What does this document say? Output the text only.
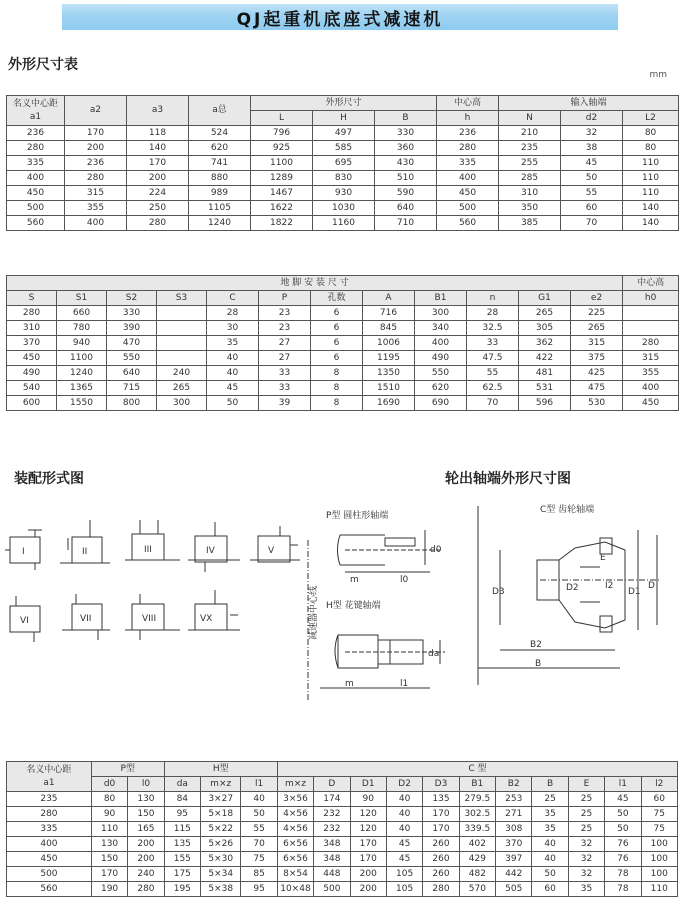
QJ起重机底座式减速机
外形尺寸表
mm
名义中心距
a1	a2	a3	a总	外形尺寸			中心高	输入轴端		
				L	H	B	h	N	d2	L2
236	170	118	524	796	497	330	236	210	32	80
280	200	140	620	925	585	360	280	235	38	80
335	236	170	741	1100	695	430	335	255	45	110
400	280	200	880	1289	830	510	400	285	50	110
450	315	224	989	1467	930	590	450	310	55	110
500	355	250	1105	1622	1030	640	500	350	60	140
560	400	280	1240	1822	1160	710	560	385	70	140
地 脚 安 装 尺 寸												中心高
S	S1	S2	S3	C	P	孔数	A	B1	n	G1	e2	h0
280	660	330		28	23	6	716	300	28	265	225	
310	780	390		30	23	6	845	340	32.5	305	265	
370	940	470		35	27	6	1006	400	33	362	315	280
450	1100	550		40	27	6	1195	490	47.5	422	375	315
490	1240	640	240	40	33	8	1350	550	55	481	425	355
540	1365	715	265	45	33	8	1510	620	62.5	531	475	400
600	1550	800	300	50	39	8	1690	690	70	596	530	450
装配形式图	轮出轴端外形尺寸图
I	II	III	IV	V
VI	VII	VIII	VX
P型 圆柱形轴端
H型 花键轴端
C型 齿轮轴端
减速器中心线
m	l0
d0
m	l1
da
D3	D2	D1
D
E
I2
B2
B
名义中心距
a1	P型		H型			C 型										
	d0	l0	da	m×z	l1	m×z	D	D1	D2	D3	B1	B2	B	E	l1	l2
235	80	130	84	3×27	40	3×56	174	90	40	135	279.5	253	25	25	45	60
280	90	150	95	5×18	50	4×56	232	120	40	170	302.5	271	35	25	50	75
335	110	165	115	5×22	55	4×56	232	120	40	170	339.5	308	35	25	50	75
400	130	200	135	5×26	70	6×56	348	170	45	260	402	370	40	32	76	100
450	150	200	155	5×30	75	6×56	348	170	45	260	429	397	40	32	76	100
500	170	240	175	5×34	85	8×54	448	200	105	260	482	442	50	32	78	100
560	190	280	195	5×38	95	10×48	500	200	105	280	570	505	60	35	78	110
